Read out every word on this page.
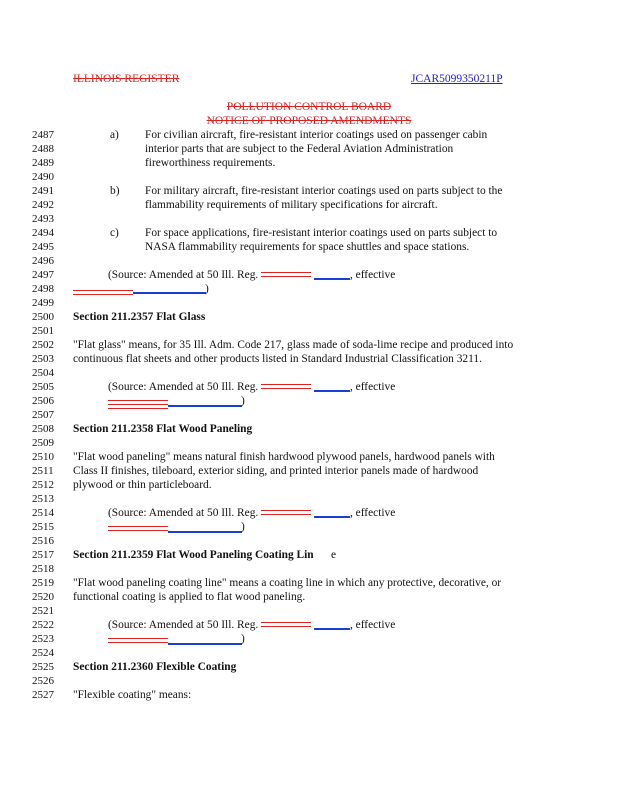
ILLINOIS REGISTER	JCAR5099350211P
POLLUTION CONTROL BOARD
NOTICE OF PROPOSED AMENDMENTS
2487
2488
2489
2490
2491
2492
2493
2494
2495
2496
2497
2498
2499
2500
2501
2502
2503
2504
2505
2506
2507
2508
2509
2510
2511
2512
2513
2514
2515
2516
2517
2518
2519
2520
2521
2522
2523
2524
2525
2526
2527
a) For civilian aircraft, fire-resistant interior coatings used on passenger cabin
interior parts that are subject to the Federal Aviation Administration
fireworthiness requirements.
b) For military aircraft, fire-resistant interior coatings used on parts subject to the
flammability requirements of military specifications for aircraft.
c) For space applications, fire-resistant interior coatings used on parts subject to
NASA flammability requirements for space shuttles and space stations.
(Source: Amended at 50 Ill. Reg.	, effective
)
Section 211.2357 Flat Glass
"Flat glass" means, for 35 Ill. Adm. Code 217, glass made of soda-lime recipe and produced into
continuous flat sheets and other products listed in Standard Industrial Classification 3211.
(Source: Amended at 50 Ill. Reg.	, effective
)
Section 211.2358 Flat Wood Paneling
"Flat wood paneling" means natural finish hardwood plywood panels, hardwood panels with
Class II finishes, tileboard, exterior siding, and printed interior panels made of hardwood
plywood or thin particleboard.
(Source: Amended at 50 Ill. Reg.	, effective
)
Section 211.2359 Flat Wood Paneling Coating Lin e
"Flat wood paneling coating line" means a coating line in which any protective, decorative, or
functional coating is applied to flat wood paneling.
(Source: Amended at 50 Ill. Reg.	, effective
)
Section 211.2360 Flexible Coating
"Flexible coating" means:
